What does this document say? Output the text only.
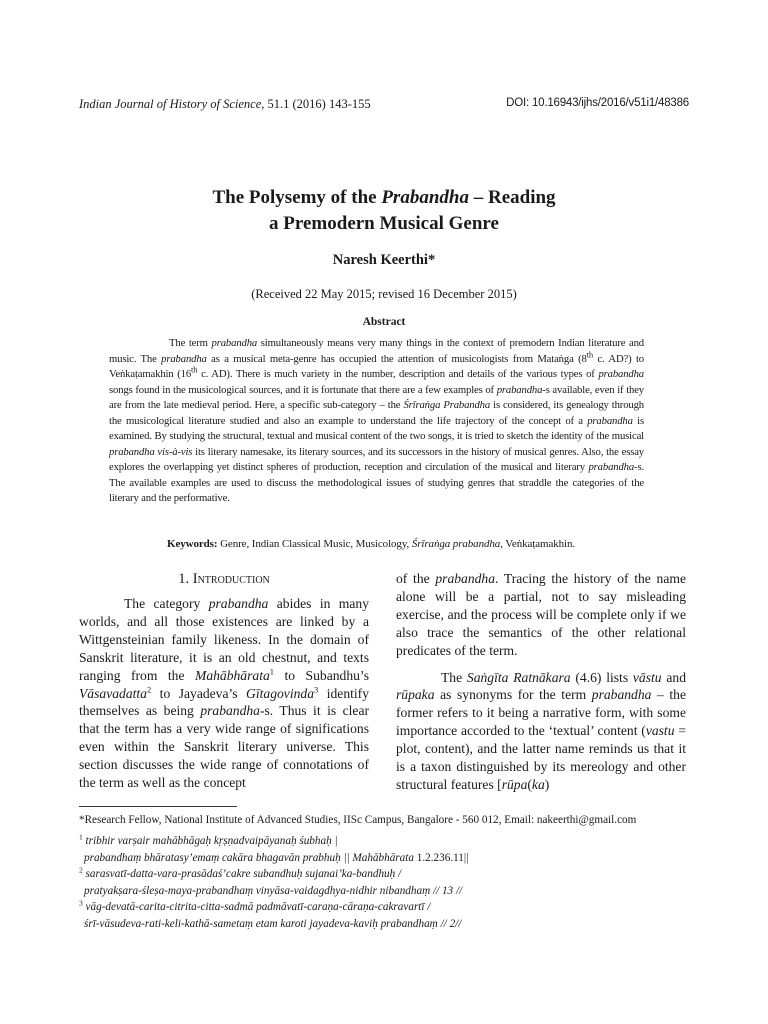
Indian Journal of History of Science, 51.1 (2016) 143-155	DOI: 10.16943/ijhs/2016/v51i1/48386
The Polysemy of the Prabandha – Reading
a Premodern Musical Genre
Naresh Keerthi*
(Received 22 May 2015; revised 16 December 2015)
Abstract
The term prabandha simultaneously means very many things in the context of premodern Indian literature and music. The prabandha as a musical meta-genre has occupied the attention of musicologists from Mataṅga (8th c. AD?) to Veṅkaṭamakhin (16th c. AD). There is much variety in the number, description and details of the various types of prabandha songs found in the musicological sources, and it is fortunate that there are a few examples of prabandha-s available, even if they are from the late medieval period. Here, a specific sub-category – the Śrīraṅga Prabandha is considered, its genealogy through the musicological literature studied and also an example to understand the life trajectory of the concept of a prabandha is examined. By studying the structural, textual and musical content of the two songs, it is tried to sketch the identity of the musical prabandha vis-à-vis its literary namesake, its literary sources, and its successors in the history of musical genres. Also, the essay explores the overlapping yet distinct spheres of production, reception and circulation of the musical and literary prabandha-s. The available examples are used to discuss the methodological issues of studying genres that straddle the categories of the literary and the performative.
Keywords: Genre, Indian Classical Music, Musicology, Śrīraṅga prabandha, Veṅkaṭamakhin.
1. Introduction

The category prabandha abides in many worlds, and all those existences are linked by a Wittgensteinian family likeness. In the domain of Sanskrit literature, it is an old chestnut, and texts ranging from the Mahābhārata$^1$ to Subandhu’s Vāsavadatta$^2$ to Jayadeva’s Gītagovinda$^3$ identify themselves as being prabandha-s. Thus it is clear that the term has a very wide range of significations even within the Sanskrit literary universe. This section discusses the wide range of connotations of the term as well as the concept

of the prabandha. Tracing the history of the name alone will be a partial, not to say misleading exercise, and the process will be complete only if we also trace the semantics of the other relational predicates of the term.

The Saṅgīta Ratnākara (4.6) lists vāstu and rūpaka as synonyms for the term prabandha – the former refers to it being a narrative form, with some importance accorded to the ‘textual’ content (vastu = plot, content), and the latter name reminds us that it is a taxon distinguished by its mereology and other structural features [rūpa(ka)

*Research Fellow, National Institute of Advanced Studies, IISc Campus, Bangalore - 560 012, Email: nakeerthi@gmail.com
$^1$ tribhir varṣair mahābhāgaḥ kṛṣṇadvaipāyanaḥ śubhaḥ |
prabandhaṃ bhāratasy’emaṃ cakāra bhagavān prabhuḥ || Mahābhārata 1.2.236.11||
$^2$ sarasvatī-datta-vara-prasādaś’cakre subandhuḥ sujanai’ka-bandhuḥ /
pratyakṣara-śleṣa-maya-prabandhaṃ vinyāsa-vaidagdhya-nidhir nibandhaṃ // 13 //
$^3$ vāg-devatā-carita-citrita-citta-sadmā padmāvatī-caraṇa-cāraṇa-cakravartī /
śrī-vāsudeva-rati-keli-kathā-sametaṃ etam karoti jayadeva-kaviḥ prabandhaṃ // 2//
